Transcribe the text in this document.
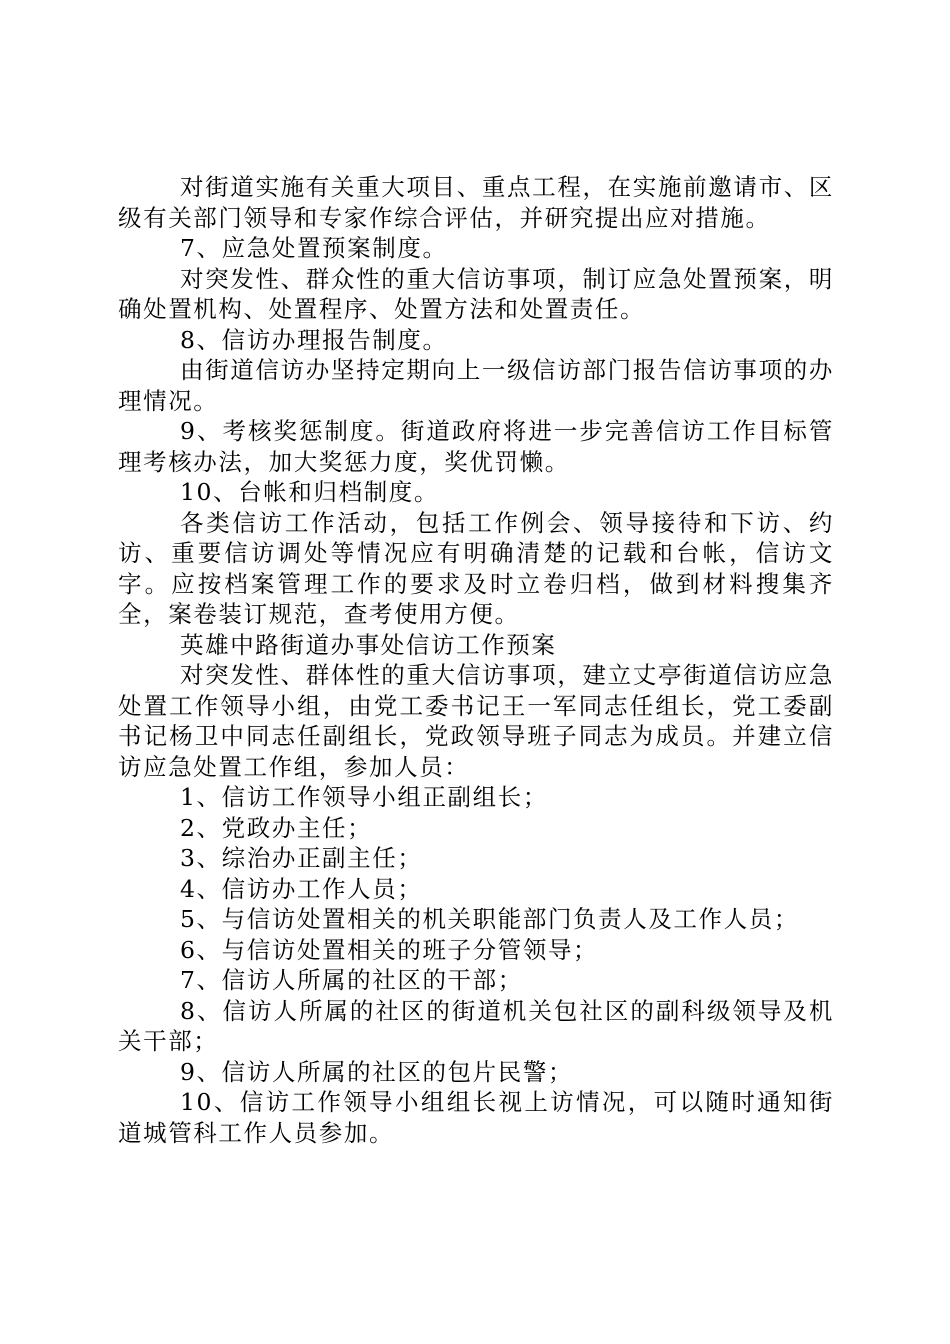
对街道实施有关重大项目、重点工程，在实施前邀请市、区级有关部门领导和专家作综合评估，并研究提出应对措施。

7、应急处置预案制度。

对突发性、群众性的重大信访事项，制订应急处置预案，明确处置机构、处置程序、处置方法和处置责任。

8、信访办理报告制度。

由街道信访办坚持定期向上一级信访部门报告信访事项的办理情况。

9、考核奖惩制度。街道政府将进一步完善信访工作目标管理考核办法，加大奖惩力度，奖优罚懒。

10、台帐和归档制度。

各类信访工作活动，包括工作例会、领导接待和下访、约访、重要信访调处等情况应有明确清楚的记载和台帐，信访文字。应按档案管理工作的要求及时立卷归档，做到材料搜集齐全，案卷装订规范，查考使用方便。

英雄中路街道办事处信访工作预案

对突发性、群体性的重大信访事项，建立丈亭街道信访应急处置工作领导小组，由党工委书记王一军同志任组长，党工委副书记杨卫中同志任副组长，党政领导班子同志为成员。并建立信访应急处置工作组，参加人员：

1、信访工作领导小组正副组长；

2、党政办主任；

3、综治办正副主任；

4、信访办工作人员；

5、与信访处置相关的机关职能部门负责人及工作人员；

6、与信访处置相关的班子分管领导；

7、信访人所属的社区的干部；

8、信访人所属的社区的街道机关包社区的副科级领导及机关干部；

9、信访人所属的社区的包片民警；

10、信访工作领导小组组长视上访情况，可以随时通知街道城管科工作人员参加。
